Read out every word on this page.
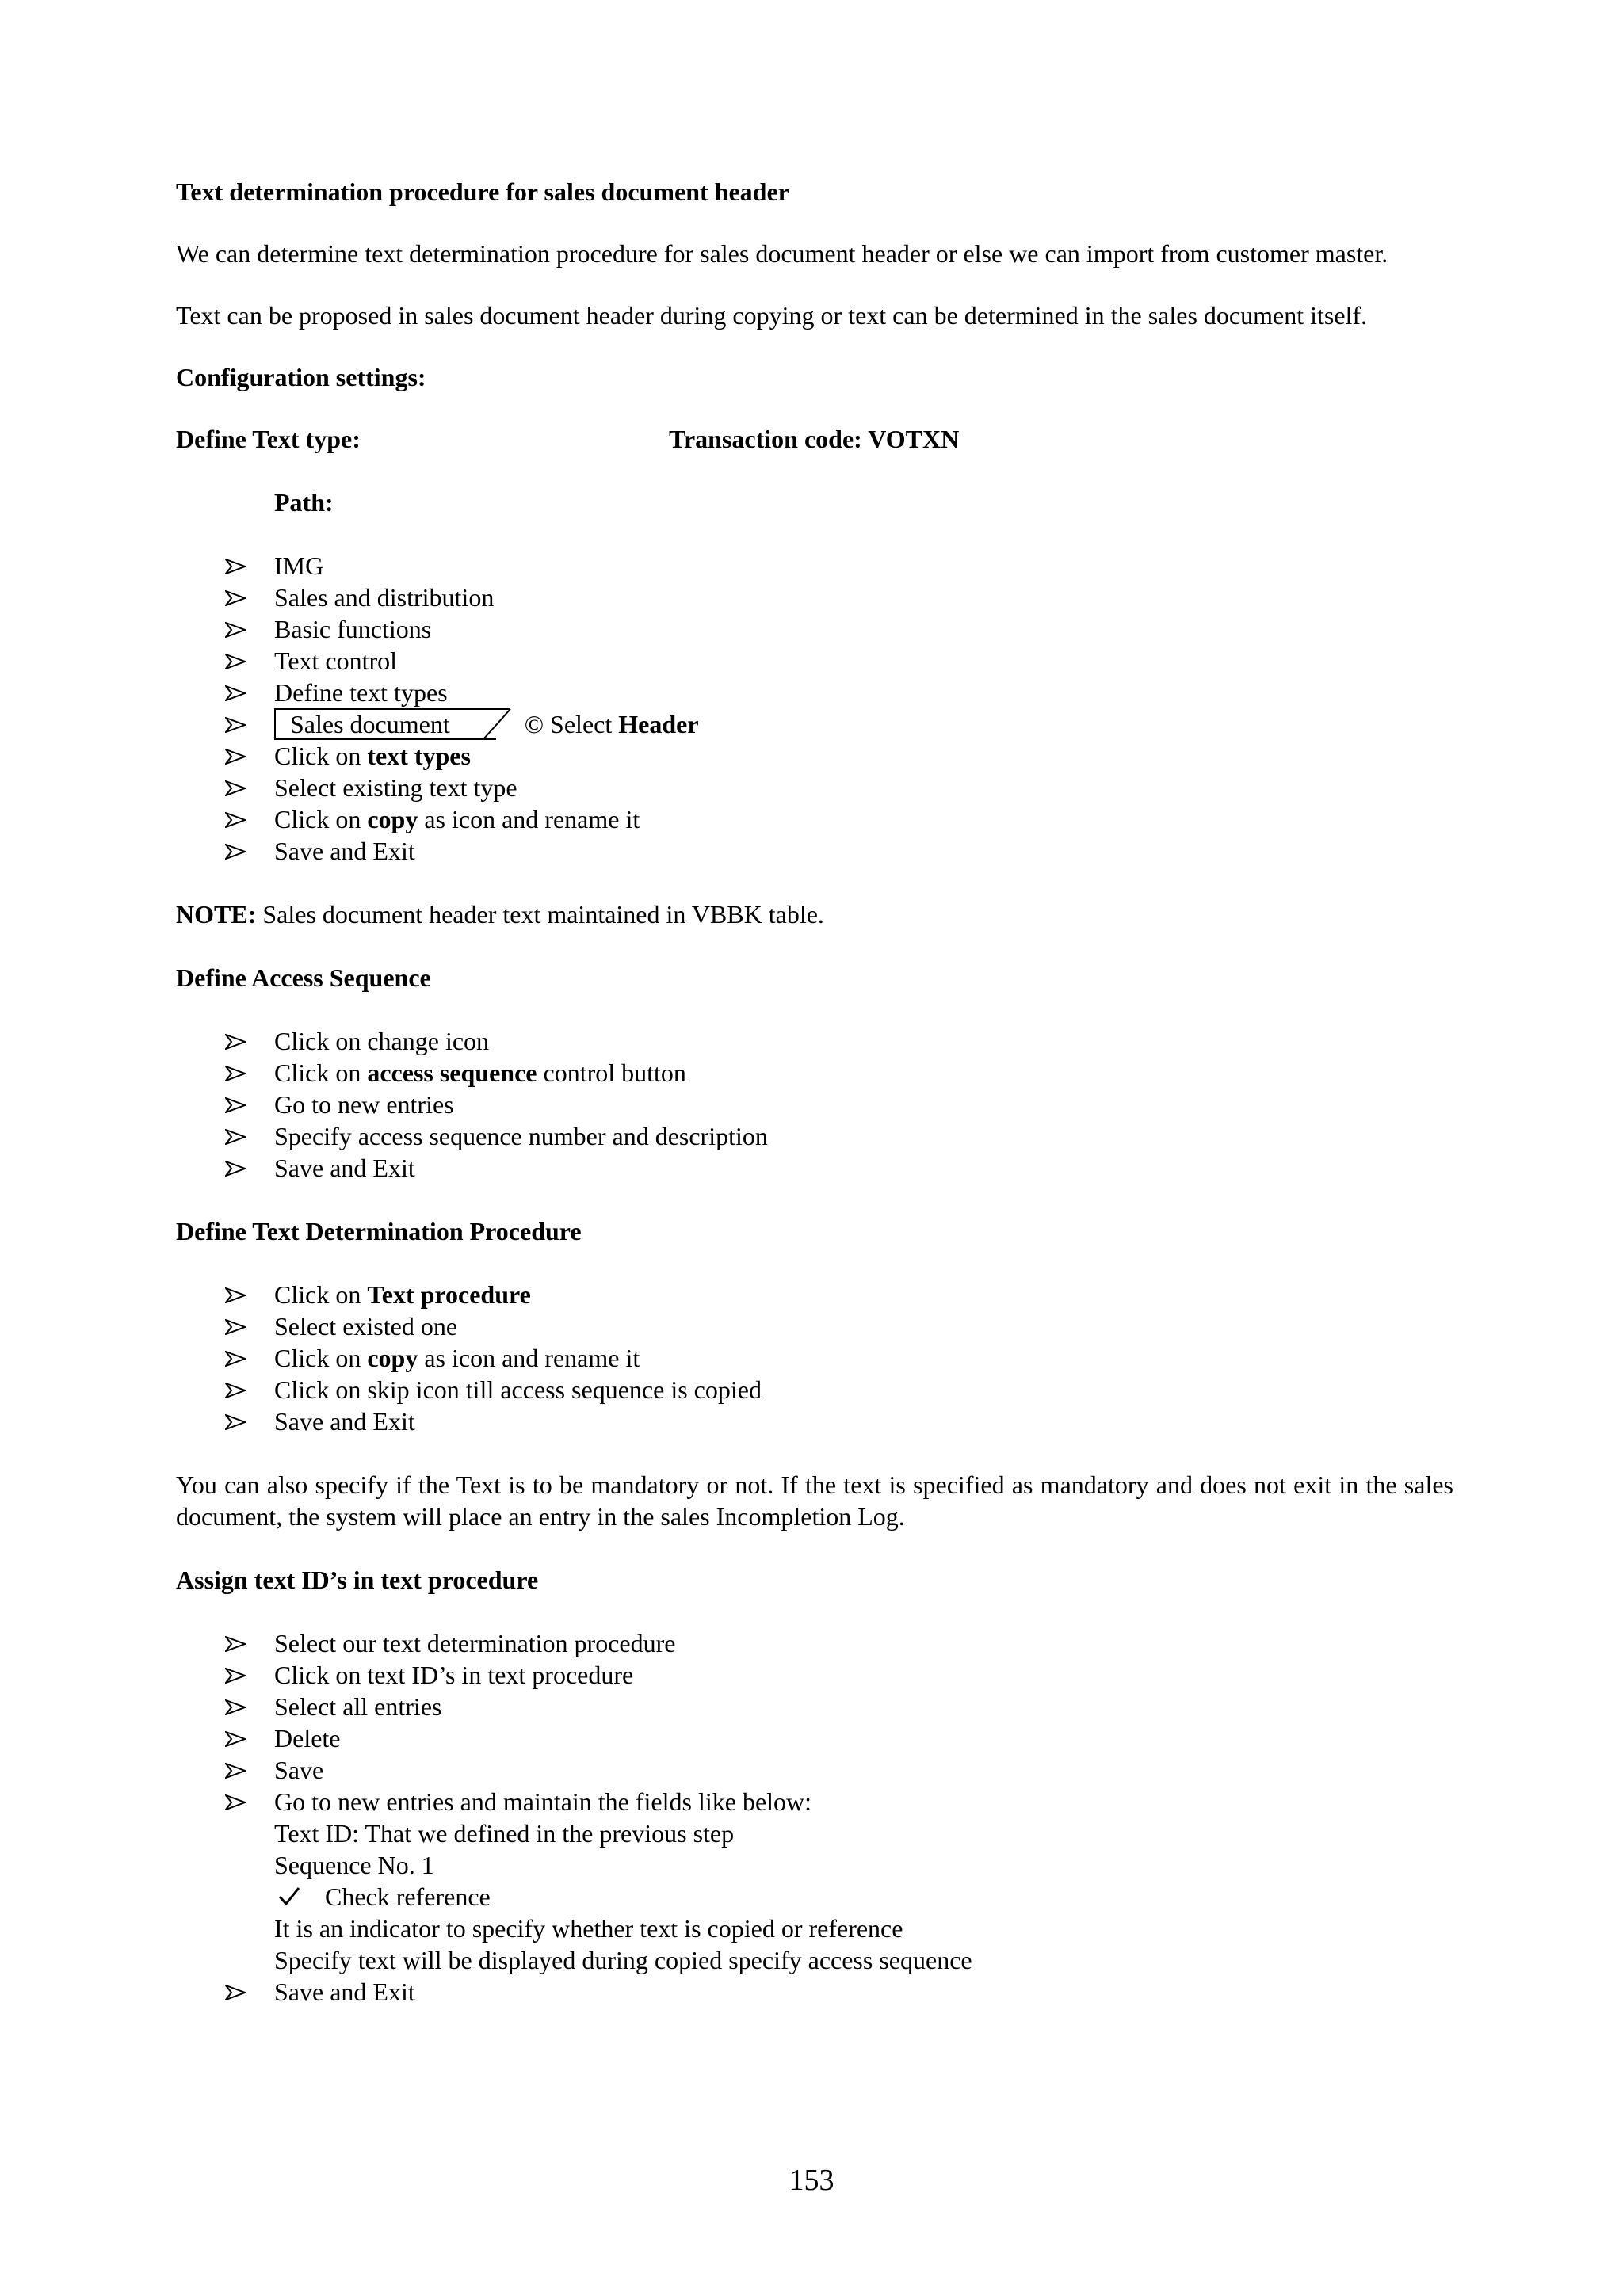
Text determination procedure for sales document header

We can determine text determination procedure for sales document header or else we can import from customer master.

Text can be proposed in sales document header during copying or text can be determined in the sales document itself.

Configuration settings:

Define Text type:	Transaction code: VOTXN
Path:
IMG
Sales and distribution
Basic functions
Text control
Define text types
Sales document	© Select Header
Click on text types
Select existing text type
Click on copy as icon and rename it
Save and Exit

NOTE: Sales document header text maintained in VBBK table.

Define Access Sequence

Click on change icon
Click on access sequence control button
Go to new entries
Specify access sequence number and description
Save and Exit

Define Text Determination Procedure

Click on Text procedure
Select existed one
Click on copy as icon and rename it
Click on skip icon till access sequence is copied
Save and Exit

You can also specify if the Text is to be mandatory or not. If the text is specified as mandatory and does not exit in the sales document, the system will place an entry in the sales Incompletion Log.

Assign text ID’s in text procedure

Select our text determination procedure
Click on text ID’s in text procedure
Select all entries
Delete
Save
Go to new entries and maintain the fields like below:
Text ID: That we defined in the previous step
Sequence No. 1
Check reference
It is an indicator to specify whether text is copied or reference
Specify text will be displayed during copied specify access sequence
Save and Exit
153
